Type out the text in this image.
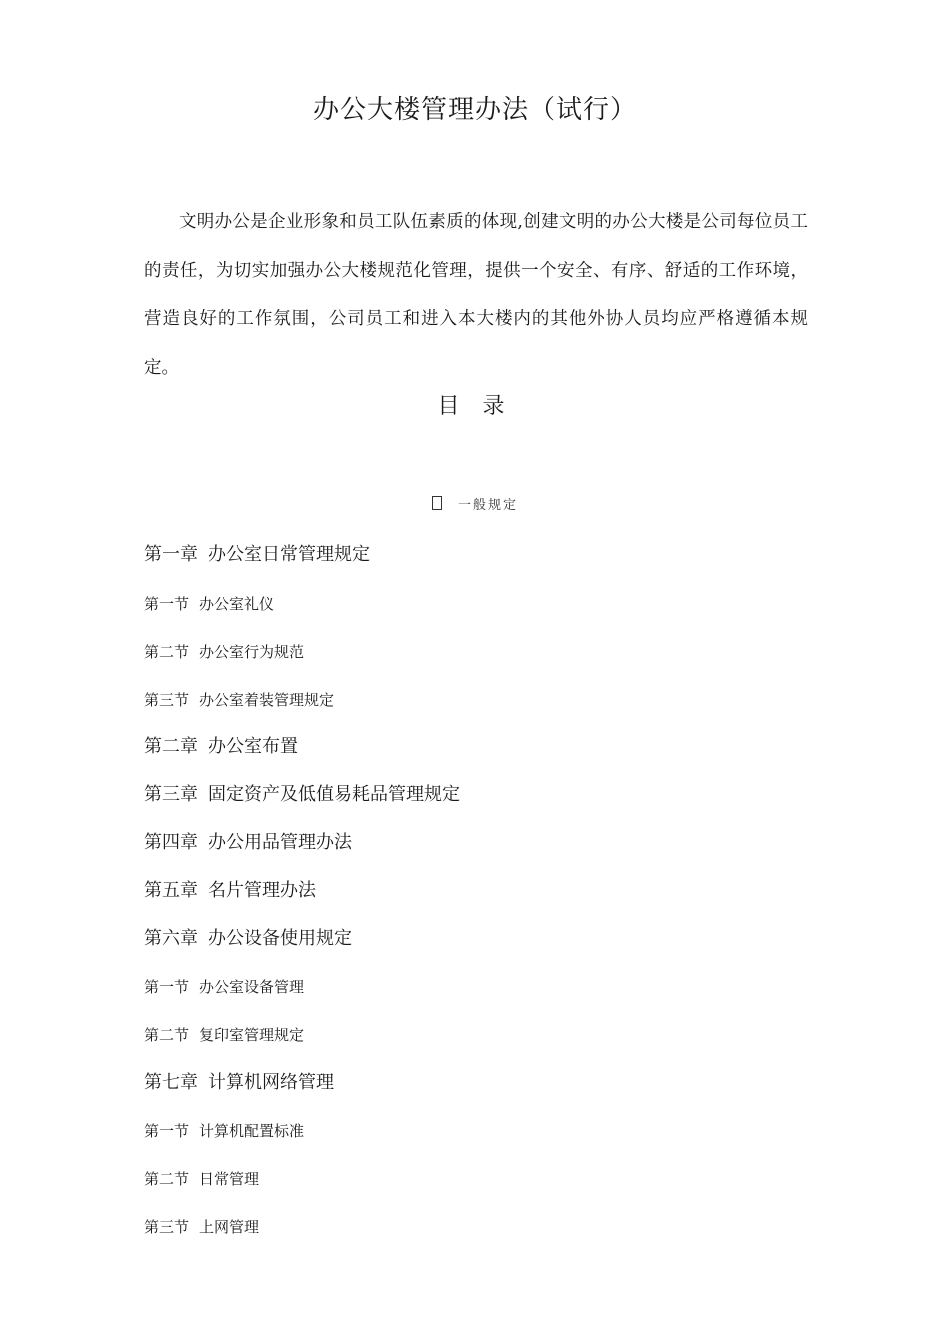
办公大楼管理办法（试行）
文明办公是企业形象和员工队伍素质的体现,创建文明的办公大楼是公司每位员工的责任，为切实加强办公大楼规范化管理，提供一个安全、有序、舒适的工作环境，营造良好的工作氛围，公司员工和进入本大楼内的其他外协人员均应严格遵循本规定。
目 录
一般规定
第一章 办公室日常管理规定
第一节 办公室礼仪
第二节 办公室行为规范
第三节 办公室着装管理规定
第二章 办公室布置
第三章 固定资产及低值易耗品管理规定
第四章 办公用品管理办法
第五章 名片管理办法
第六章 办公设备使用规定
第一节 办公室设备管理
第二节 复印室管理规定
第七章 计算机网络管理
第一节 计算机配置标准
第二节 日常管理
第三节 上网管理
